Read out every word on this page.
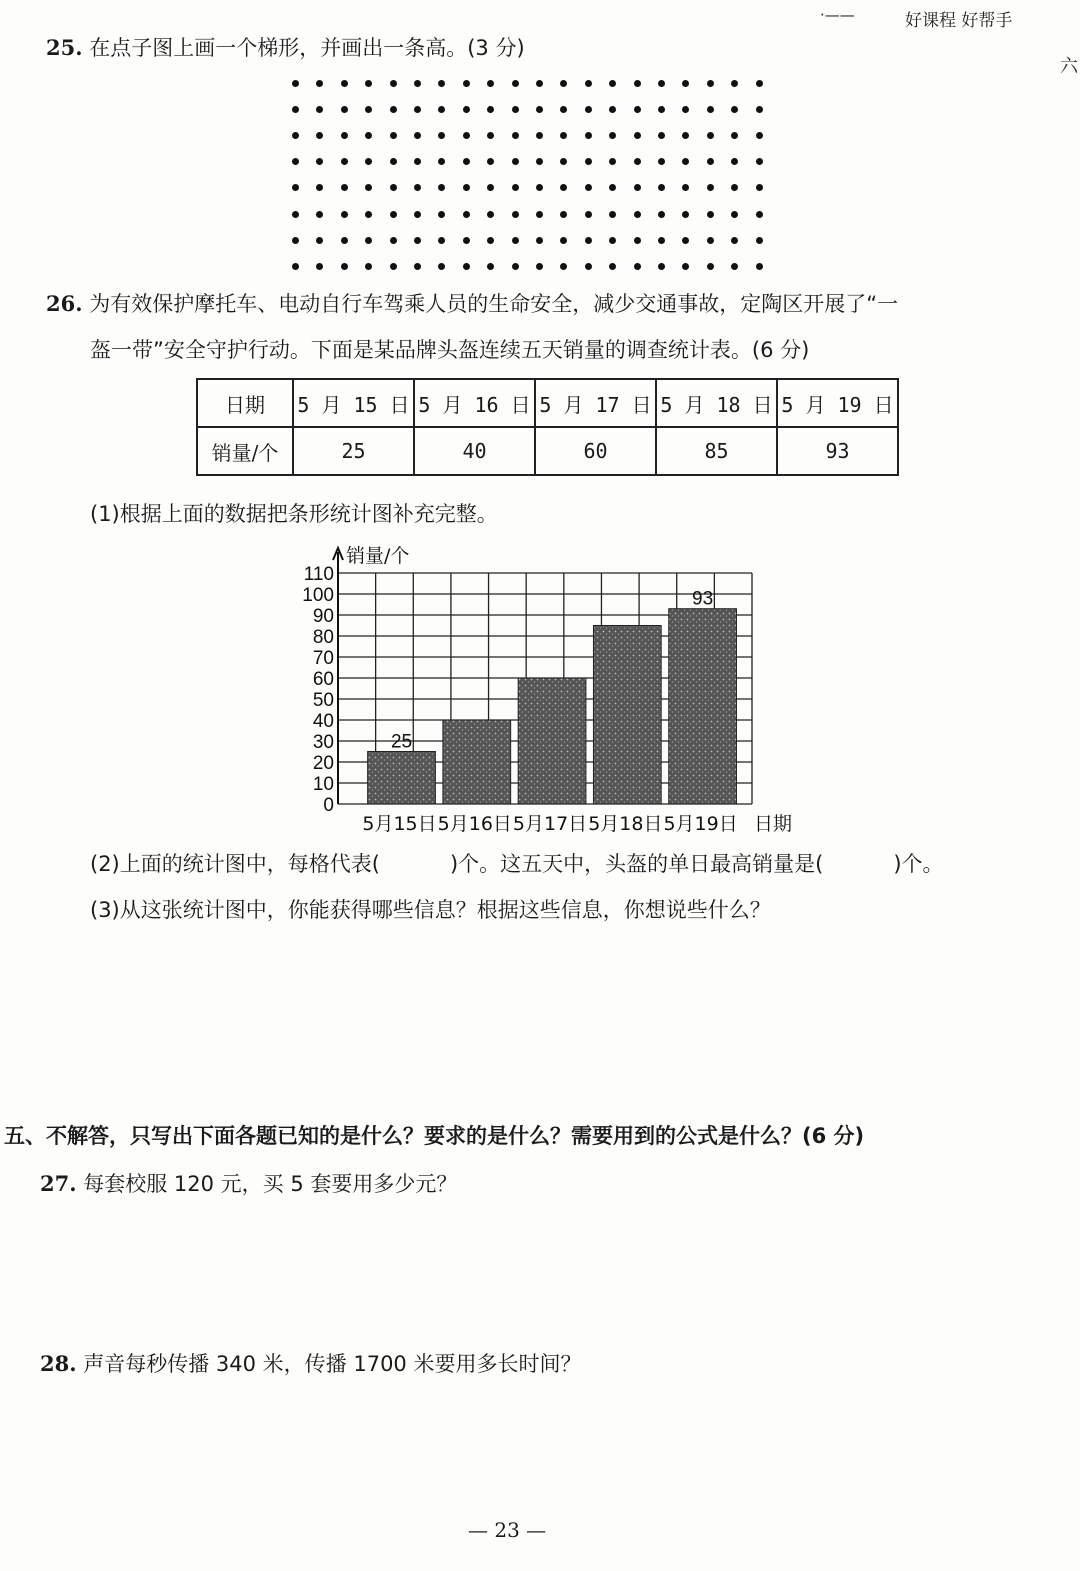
·——	好课程 好帮手
六
25. 在点子图上画一个梯形，并画出一条高。(3 分)
26. 为有效保护摩托车、电动自行车驾乘人员的生命安全，减少交通事故，定陶区开展了“一
盔一带”安全守护行动。下面是某品牌头盔连续五天销量的调查统计表。(6 分)
日期	5 月 15 日	5 月 16 日	5 月 17 日	5 月 18 日	5 月 19 日
销量/个	25	40	60	85	93
(1)根据上面的数据把条形统计图补充完整。
0
10
20
30
40
50
60
70
80
90
100
110
销量/个
25
5月15日 5月16日 5月17日 5月18日
93
5月19日 日期
(2)上面的统计图中，每格代表(	)个。这五天中，头盔的单日最高销量是(	)个。
(3)从这张统计图中，你能获得哪些信息？根据这些信息，你想说些什么？
五、不解答，只写出下面各题已知的是什么？要求的是什么？需要用到的公式是什么？(6 分)
27. 每套校服 120 元，买 5 套要用多少元？
28. 声音每秒传播 340 米，传播 1700 米要用多长时间？
— 23 —
